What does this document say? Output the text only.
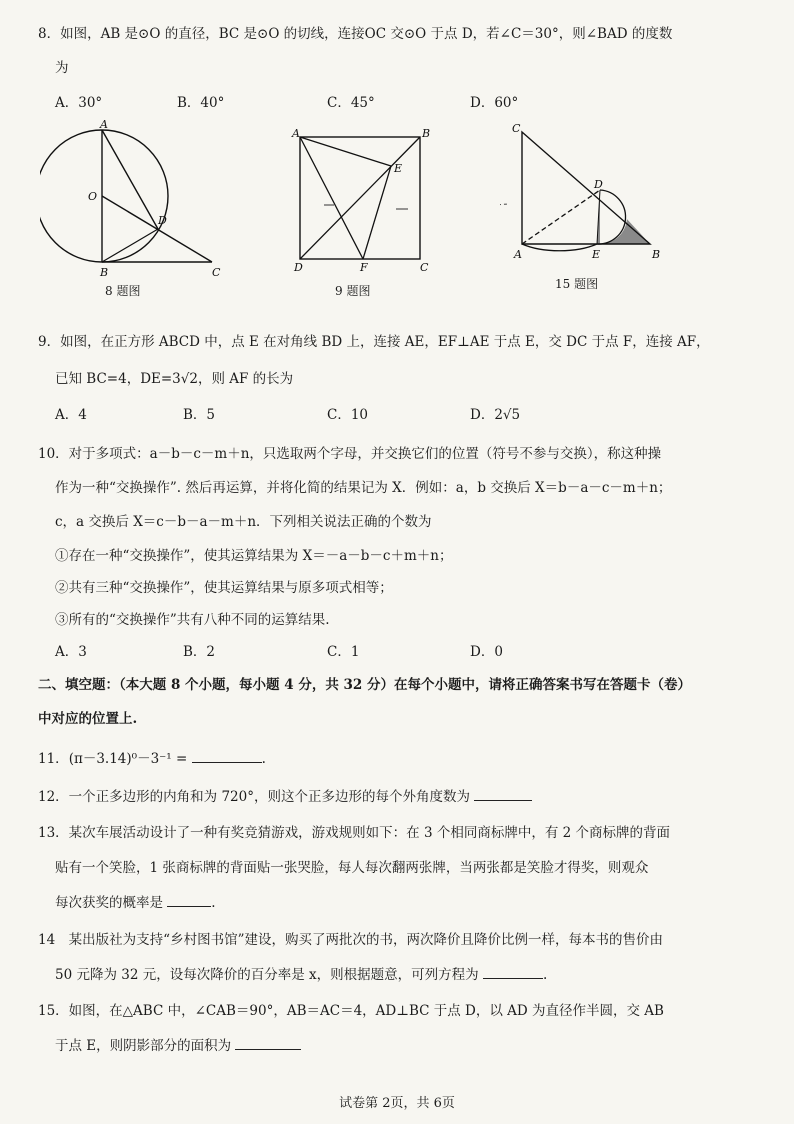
8．如图，AB 是⊙O 的直径，BC 是⊙O 的切线，连接OC 交⊙O 于点 D，若∠C＝30°，则∠BAD 的度数
为
A．30°	B．40°	C．45°	D．60°
A
O
D
B	C
8 题图
A	B
E
D	F	C
9 题图
C
D
A	E	B
15 题图
9．如图，在正方形 ABCD 中，点 E 在对角线 BD 上，连接 AE，EF⊥AE 于点 E，交 DC 于点 F，连接 AF，
已知 BC=4，DE=3√2，则 AF 的长为
A．4	B．5	C．10	D．2√5
10．对于多项式：a－b－c－m＋n，只选取两个字母，并交换它们的位置（符号不参与交换），称这种操
作为一种“交换操作”. 然后再运算，并将化简的结果记为 X．例如：a，b 交换后 X＝b－a－c－m＋n；
c，a 交换后 X＝c－b－a－m＋n．下列相关说法正确的个数为
①存在一种“交换操作”，使其运算结果为 X＝－a－b－c＋m＋n；
②共有三种“交换操作”，使其运算结果与原多项式相等；
③所有的“交换操作”共有八种不同的运算结果.
A．3	B．2	C．1	D．0
二、填空题：（本大题 8 个小题，每小题 4 分，共 32 分）在每个小题中，请将正确答案书写在答题卡（卷）
中对应的位置上.
11．(π－3.14)⁰－3⁻¹ =	.
12．一个正多边形的内角和为 720°，则这个正多边形的每个外角度数为
13．某次车展活动设计了一种有奖竞猜游戏，游戏规则如下：在 3 个相同商标牌中，有 2 个商标牌的背面
贴有一个笑脸，1 张商标牌的背面贴一张哭脸，每人每次翻两张牌，当两张都是笑脸才得奖，则观众
每次获奖的概率是	.
14　某出版社为支持“乡村图书馆”建设，购买了两批次的书，两次降价且降价比例一样，每本书的售价由
50 元降为 32 元，设每次降价的百分率是 x，则根据题意，可列方程为	.
15．如图，在△ABC 中，∠CAB＝90°，AB＝AC＝4，AD⊥BC 于点 D，以 AD 为直径作半圆，交 AB
于点 E，则阴影部分的面积为
试卷第 2页，共 6页
